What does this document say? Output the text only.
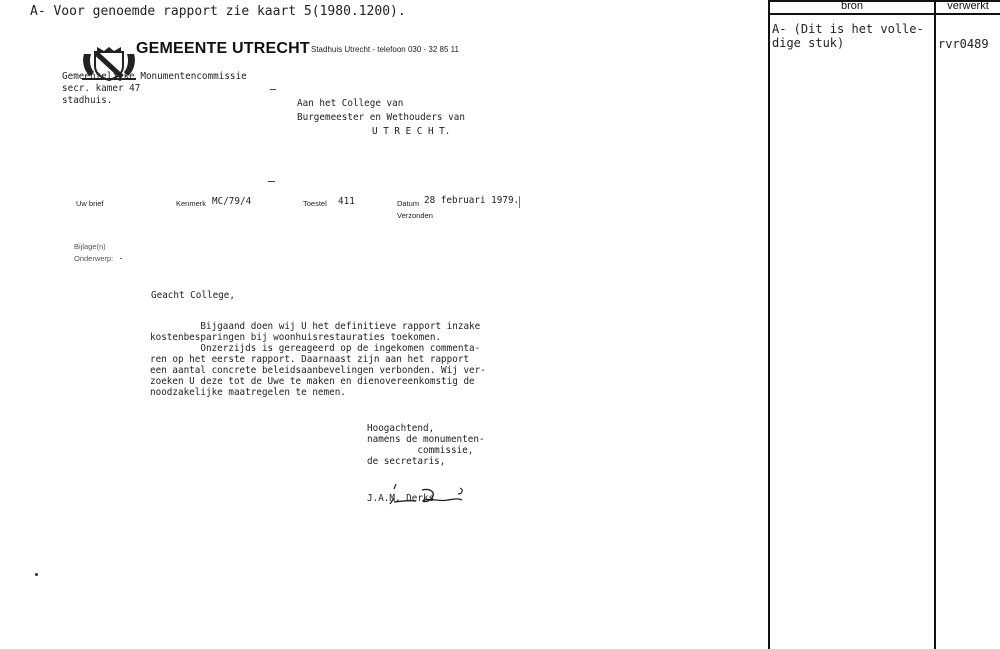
A- Voor genoemde rapport zie kaart 5(1980.1200).

GEMEENTE UTRECHT Stadhuis Utrecht - telefoon 030 - 32 85 11
Gemeentelijke Monumentencommissie
secr. kamer 47
stadhuis.	Aan het College van
Burgemeester en Wethouders van
U T R E C H T.
Uw brief	Kenmerk MC/79/4	Toestel 411	Datum 28 februari 1979.
Verzonden
Bijlage(n)
Onderwerp:
Geacht College,
Bijgaand doen wij U het definitieve rapport inzake
kostenbesparingen bij woonhuisrestauraties toekomen.
Onzerzijds is gereageerd op de ingekomen commenta-
ren op het eerste rapport. Daarnaast zijn aan het rapport
een aantal concrete beleidsaanbevelingen verbonden. Wij ver-
zoeken U deze tot de Uwe te maken en dienovereenkomstig de
noodzakelijke maatregelen te nemen.
Hoogachtend,
namens de monumenten-
commissie,
de secretaris,

J.A.M. Derks
bron	verwerkt
A- (Dit is het volle-
dige stuk)	rvr0489
